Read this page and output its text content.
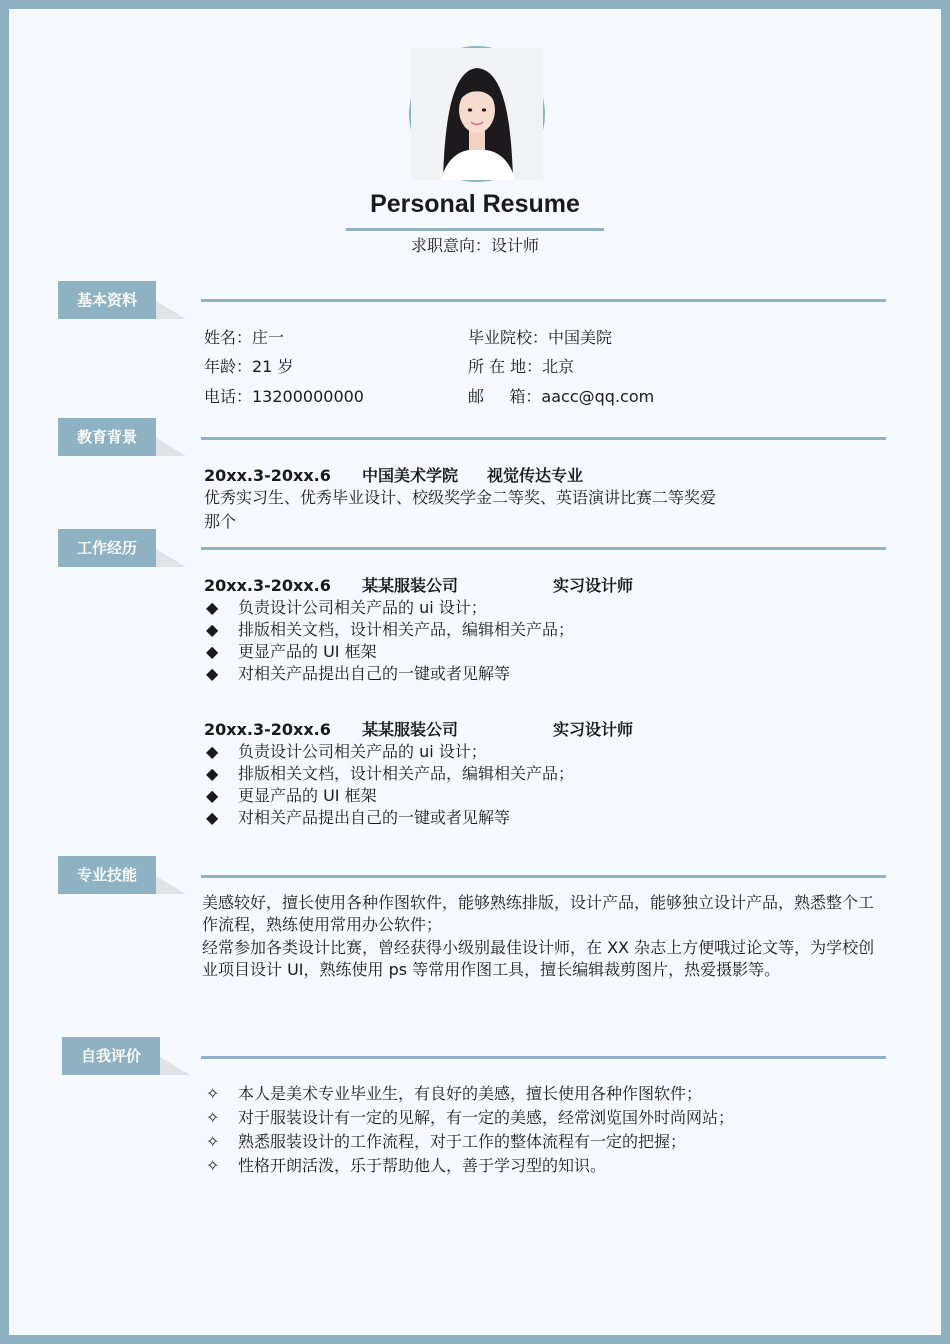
Personal Resume
求职意向：设计师
基本资料
姓名：庄一
年龄：21 岁
电话：13200000000
毕业院校：中国美院
所 在 地：北京
邮     箱：aacc@qq.com
教育背景
20xx.3-20xx.6 中国美术学院 视觉传达专业
优秀实习生、优秀毕业设计、校级奖学金二等奖、英语演讲比赛二等奖爱
那个
工作经历
20xx.3-20xx.6 某某服装公司	实习设计师
◆ 负责设计公司相关产品的 ui 设计；
◆ 排版相关文档，设计相关产品，编辑相关产品；
◆ 更显产品的 UI 框架
◆ 对相关产品提出自己的一键或者见解等
20xx.3-20xx.6 某某服装公司	实习设计师
◆ 负责设计公司相关产品的 ui 设计；
◆ 排版相关文档，设计相关产品，编辑相关产品；
◆ 更显产品的 UI 框架
◆ 对相关产品提出自己的一键或者见解等
专业技能
美感较好，擅长使用各种作图软件，能够熟练排版，设计产品，能够独立设计产品，熟悉整个工作流程，熟练使用常用办公软件；
经常参加各类设计比赛，曾经获得小级别最佳设计师，在 XX 杂志上方便哦过论文等，为学校创业项目设计 UI，熟练使用 ps 等常用作图工具，擅长编辑裁剪图片，热爱摄影等。
自我评价
✧ 本人是美术专业毕业生，有良好的美感，擅长使用各种作图软件；
✧ 对于服装设计有一定的见解，有一定的美感，经常浏览国外时尚网站；
✧ 熟悉服装设计的工作流程，对于工作的整体流程有一定的把握；
✧ 性格开朗活泼，乐于帮助他人，善于学习型的知识。
